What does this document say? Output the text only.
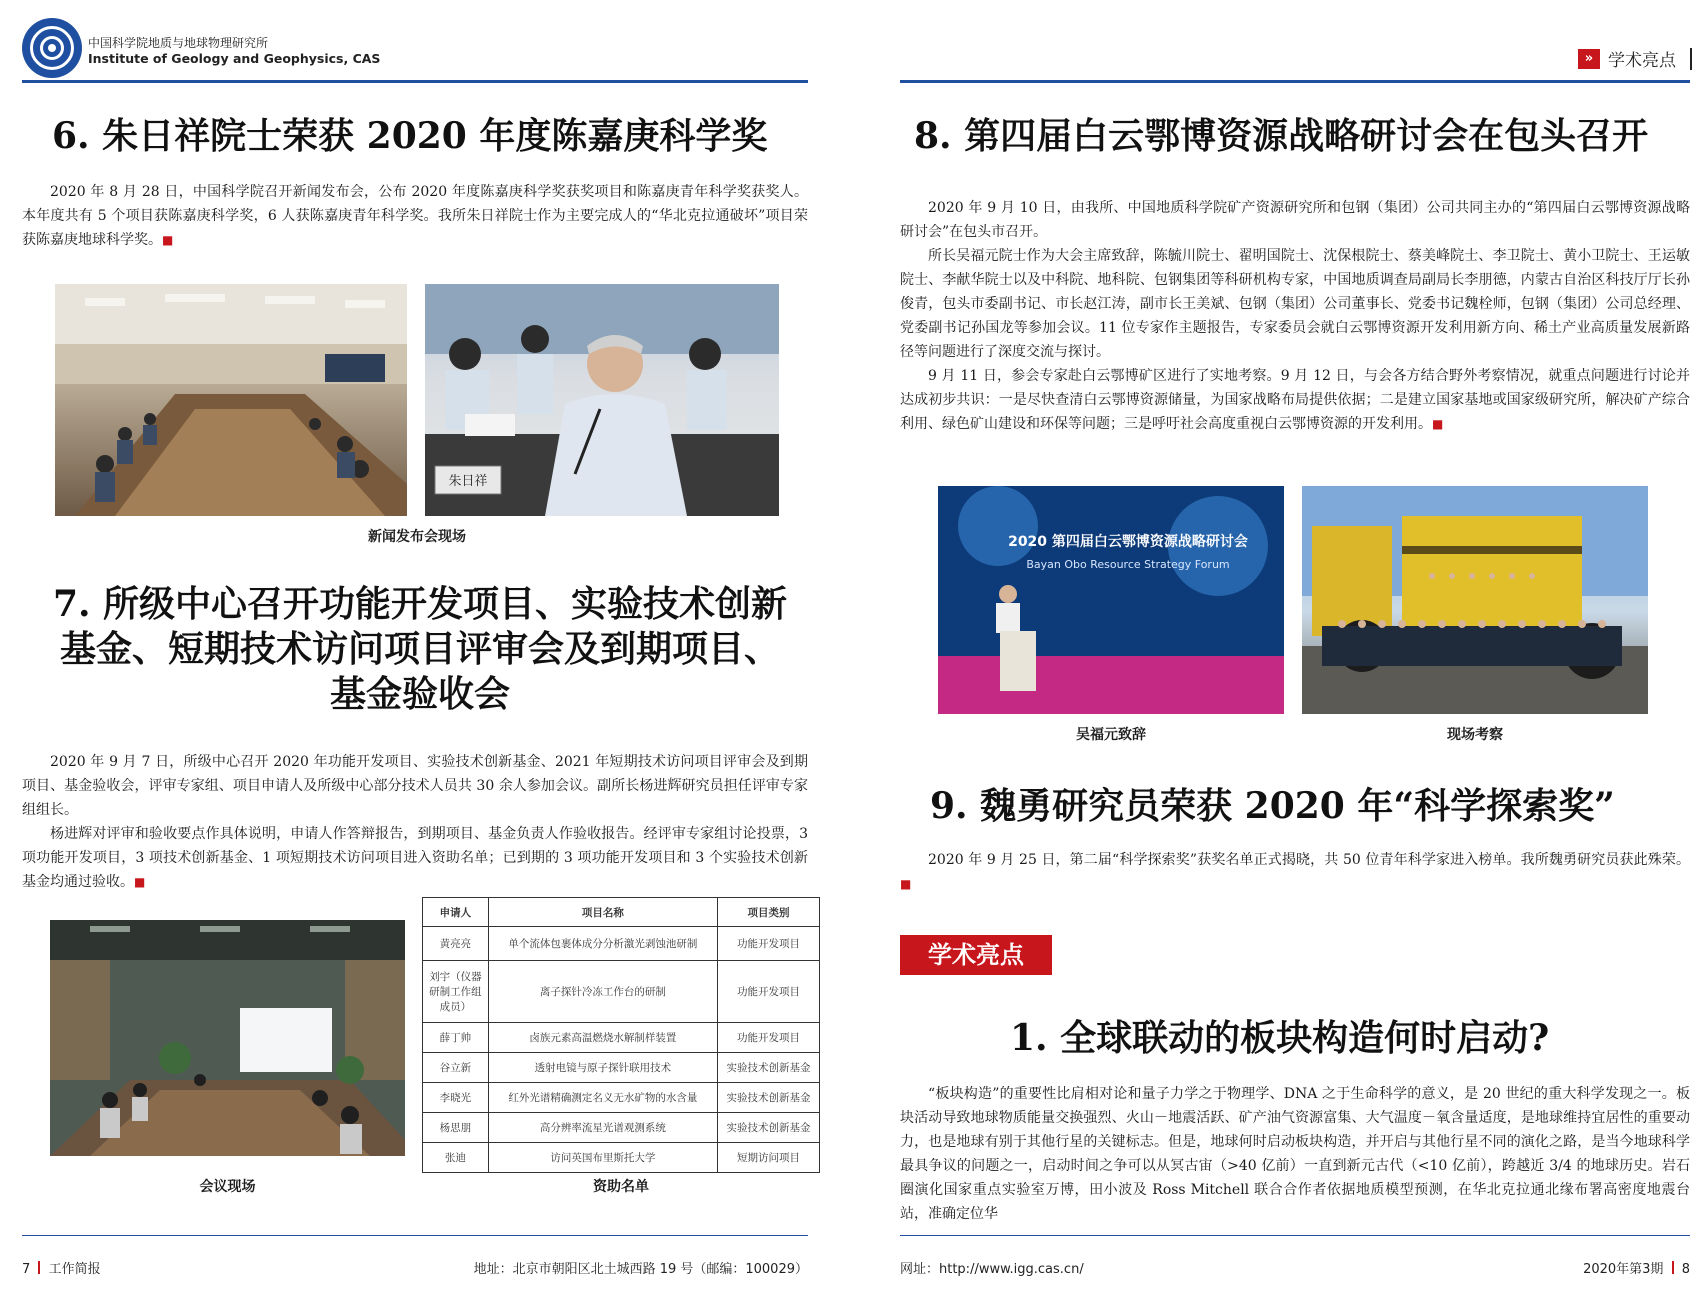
中国科学院地质与地球物理研究所
Institute of Geology and Geophysics, CAS
6. 朱日祥院士荣获 2020 年度陈嘉庚科学奖

2020 年 8 月 28 日，中国科学院召开新闻发布会，公布 2020 年度陈嘉庚科学奖获奖项目和陈嘉庚青年科学奖获奖人。本年度共有 5 个项目获陈嘉庚科学奖，6 人获陈嘉庚青年科学奖。我所朱日祥院士作为主要完成人的“华北克拉通破坏”项目荣获陈嘉庚地球科学奖。■

朱日祥
新闻发布会现场
7. 所级中心召开功能开发项目、实验技术创新
基金、短期技术访问项目评审会及到期项目、
基金验收会

2020 年 9 月 7 日，所级中心召开 2020 年功能开发项目、实验技术创新基金、2021 年短期技术访问项目评审会及到期项目、基金验收会，评审专家组、项目申请人及所级中心部分技术人员共 30 余人参加会议。副所长杨进辉研究员担任评审专家组组长。

杨进辉对评审和验收要点作具体说明，申请人作答辩报告，到期项目、基金负责人作验收报告。经评审专家组讨论投票，3 项功能开发项目，3 项技术创新基金、1 项短期技术访问项目进入资助名单；已到期的 3 项功能开发项目和 3 个实验技术创新基金均通过验收。■

会议现场
申请人	项目名称	项目类别
黄亮亮	单个流体包裹体成分分析激光剥蚀池研制	功能开发项目
刘宇（仪器研制工作组成员）	离子探针冷冻工作台的研制	功能开发项目
薛丁帅	卤族元素高温燃烧水解制样装置	功能开发项目
谷立新	透射电镜与原子探针联用技术	实验技术创新基金
李晓光	红外光谱精确测定名义无水矿物的水含量	实验技术创新基金
杨思朋	高分辨率流星光谱观测系统	实验技术创新基金
张迪	访问英国布里斯托大学	短期访问项目
资助名单
7 工作简报	地址：北京市朝阳区北土城西路 19 号（邮编：100029）
» 学术亮点
8. 第四届白云鄂博资源战略研讨会在包头召开

2020 年 9 月 10 日，由我所、中国地质科学院矿产资源研究所和包钢（集团）公司共同主办的“第四届白云鄂博资源战略研讨会”在包头市召开。

所长吴福元院士作为大会主席致辞，陈毓川院士、翟明国院士、沈保根院士、蔡美峰院士、李卫院士、黄小卫院士、王运敏院士、李献华院士以及中科院、地科院、包钢集团等科研机构专家，中国地质调查局副局长李朋德，内蒙古自治区科技厅厅长孙俊青，包头市委副书记、市长赵江涛，副市长王美斌、包钢（集团）公司董事长、党委书记魏栓师，包钢（集团）公司总经理、党委副书记孙国龙等参加会议。11 位专家作主题报告，专家委员会就白云鄂博资源开发利用新方向、稀土产业高质量发展新路径等问题进行了深度交流与探讨。

9 月 11 日，参会专家赴白云鄂博矿区进行了实地考察。9 月 12 日，与会各方结合野外考察情况，就重点问题进行讨论并达成初步共识：一是尽快查清白云鄂博资源储量，为国家战略布局提供依据；二是建立国家基地或国家级研究所，解决矿产综合利用、绿色矿山建设和环保等问题；三是呼吁社会高度重视白云鄂博资源的开发利用。■

2020 第四届白云鄂博资源战略研讨会
Bayan Obo Resource Strategy Forum
吴福元致辞	现场考察
9. 魏勇研究员荣获 2020 年“科学探索奖”

2020 年 9 月 25 日，第二届“科学探索奖”获奖名单正式揭晓，共 50 位青年科学家进入榜单。我所魏勇研究员获此殊荣。■

学术亮点
1. 全球联动的板块构造何时启动?

“板块构造”的重要性比肩相对论和量子力学之于物理学、DNA 之于生命科学的意义，是 20 世纪的重大科学发现之一。板块活动导致地球物质能量交换强烈、火山－地震活跃、矿产油气资源富集、大气温度－氧含量适度，是地球维持宜居性的重要动力，也是地球有别于其他行星的关键标志。但是，地球何时启动板块构造，并开启与其他行星不同的演化之路，是当今地球科学最具争议的问题之一，启动时间之争可以从冥古宙（>40 亿前）一直到新元古代（<10 亿前），跨越近 3/4 的地球历史。岩石圈演化国家重点实验室万博，田小波及 Ross Mitchell 联合合作者依据地质模型预测，在华北克拉通北缘布署高密度地震台站，准确定位华

网址：http://www.igg.cas.cn/	2020年第3期 8
